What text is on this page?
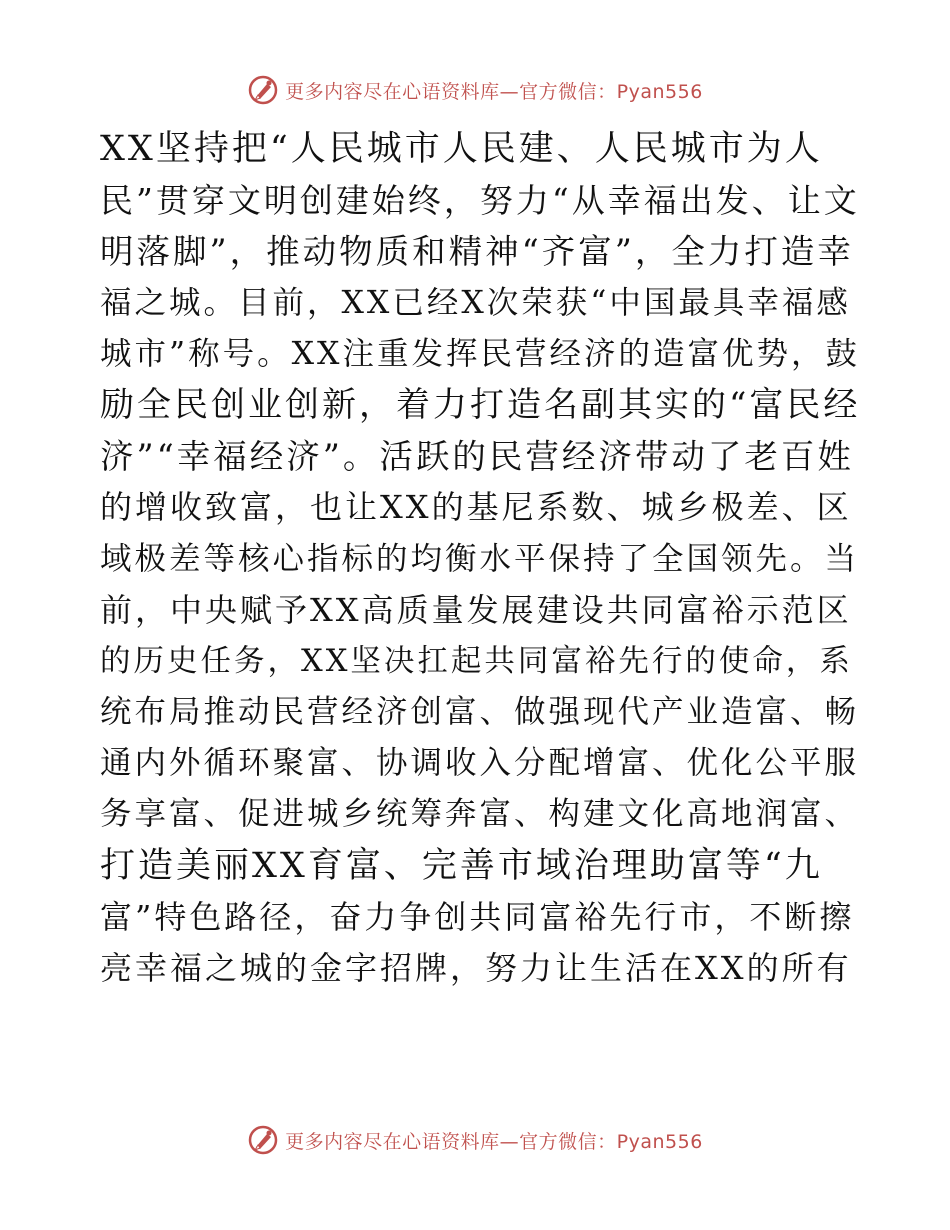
更多内容尽在心语资料库—官方微信：Pyan556
XX坚持把“人民城市人民建、人民城市为人
民”贯穿文明创建始终，努力“从幸福出发、让文
明落脚”，推动物质和精神“齐富”，全力打造幸
福之城。目前，XX已经X次荣获“中国最具幸福感
城市”称号。XX注重发挥民营经济的造富优势，鼓
励全民创业创新，着力打造名副其实的“富民经
济”“幸福经济”。活跃的民营经济带动了老百姓
的增收致富，也让XX的基尼系数、城乡极差、区
域极差等核心指标的均衡水平保持了全国领先。当
前，中央赋予XX高质量发展建设共同富裕示范区
的历史任务，XX坚决扛起共同富裕先行的使命，系
统布局推动民营经济创富、做强现代产业造富、畅
通内外循环聚富、协调收入分配增富、优化公平服
务享富、促进城乡统筹奔富、构建文化高地润富、
打造美丽XX育富、完善市域治理助富等“九
富”特色路径，奋力争创共同富裕先行市，不断擦
亮幸福之城的金字招牌，努力让生活在XX的所有
更多内容尽在心语资料库—官方微信：Pyan556
